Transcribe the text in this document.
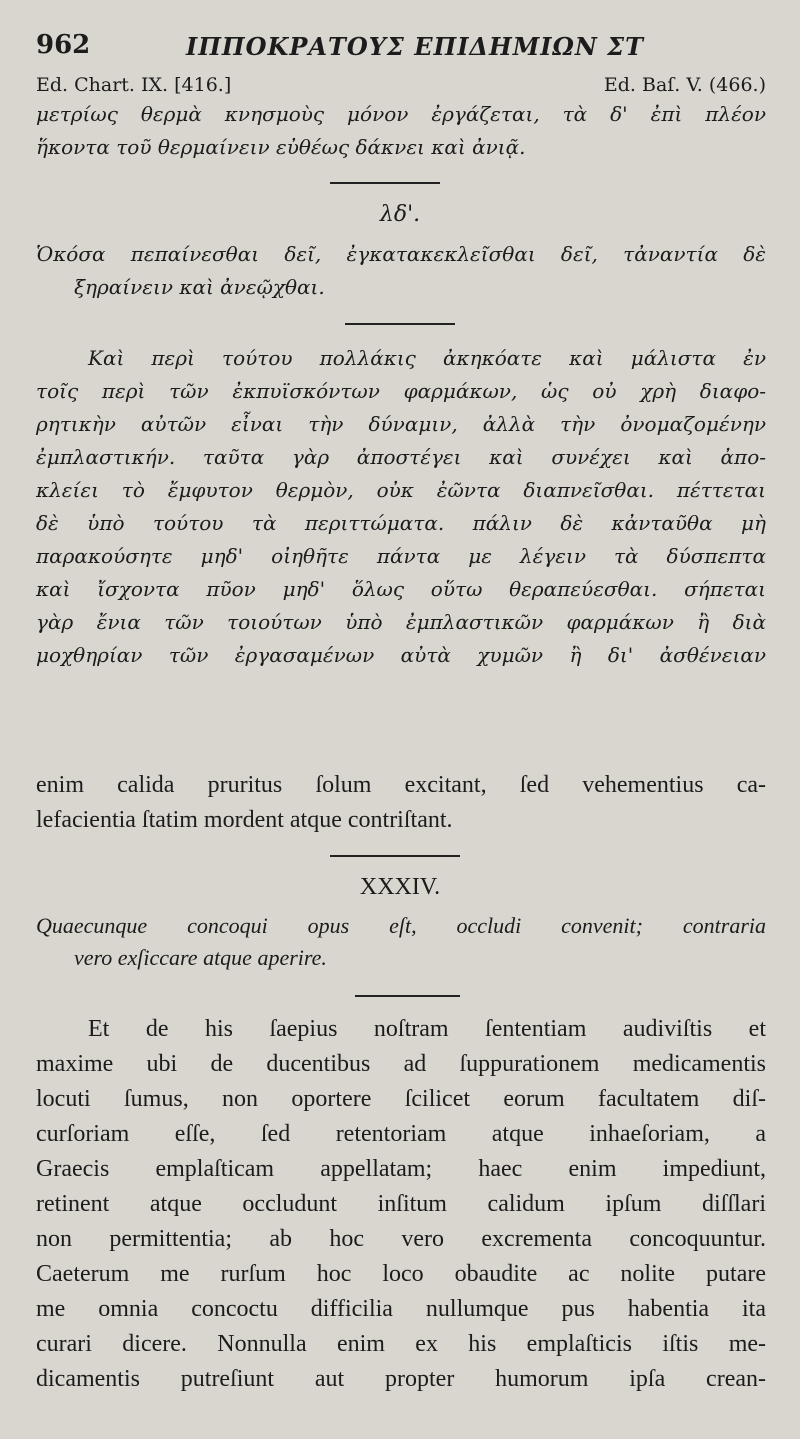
962	ΙΠΠΟΚΡΑΤΟΥΣ ΕΠΙΔΗΜΙΩΝ ΣΤ
Ed. Chart. IX. [416.]	Ed. Baſ. V. (466.)
μετρίως θερμὰ κνησμοὺς μόνον ἐργάζεται, τὰ δ' ἐπὶ πλέον
ἥκοντα τοῦ θερμαίνειν εὐθέως δάκνει καὶ ἀνιᾷ.
λδ'.
Ὁκόσα πεπαίνεσθαι δεῖ, ἐγκατακεκλεῖσθαι δεῖ, τἀναντία δὲ
ξηραίνειν καὶ ἀνεῷχθαι.
Καὶ περὶ τούτου πολλάκις ἀκηκόατε καὶ μάλιστα ἐν
τοῖς περὶ τῶν ἐκπυϊσκόντων φαρμάκων, ὡς οὐ χρὴ διαφο-
ρητικὴν αὐτῶν εἶναι τὴν δύναμιν, ἀλλὰ τὴν ὀνομαζομένην
ἐμπλαστικήν. ταῦτα γὰρ ἀποστέγει καὶ συνέχει καὶ ἀπο-
κλείει τὸ ἔμφυτον θερμὸν, οὐκ ἐῶντα διαπνεῖσθαι. πέττεται
δὲ ὑπὸ τούτου τὰ περιττώματα. πάλιν δὲ κἀνταῦθα μὴ
παρακούσητε μηδ' οἰηθῆτε πάντα με λέγειν τὰ δύσπεπτα
καὶ ἴσχοντα πῦον μηδ' ὅλως οὕτω θεραπεύεσθαι. σήπεται
γὰρ ἔνια τῶν τοιούτων ὑπὸ ἐμπλαστικῶν φαρμάκων ἢ διὰ
μοχθηρίαν τῶν ἐργασαμένων αὐτὰ χυμῶν ἢ δι' ἀσθένειαν
enim calida pruritus ſolum excitant, ſed vehementius ca-
lefacientia ſtatim mordent atque contriſtant.
XXXIV.
Quaecunque concoqui opus eſt, occludi convenit; contraria
vero exſiccare atque aperire.
Et de his ſaepius noſtram ſententiam audiviſtis et
maxime ubi de ducentibus ad ſuppurationem medicamentis
locuti ſumus, non oportere ſcilicet eorum facultatem diſ-
curſoriam eſſe, ſed retentoriam atque inhaeſoriam, a
Graecis emplaſticam appellatam; haec enim impediunt,
retinent atque occludunt inſitum calidum ipſum diſſlari
non permittentia; ab hoc vero excrementa concoquuntur.
Caeterum me rurſum hoc loco obaudite ac nolite putare
me omnia concoctu difficilia nullumque pus habentia ita
curari dicere. Nonnulla enim ex his emplaſticis iſtis me-
dicamentis putreſiunt aut propter humorum ipſa crean-
